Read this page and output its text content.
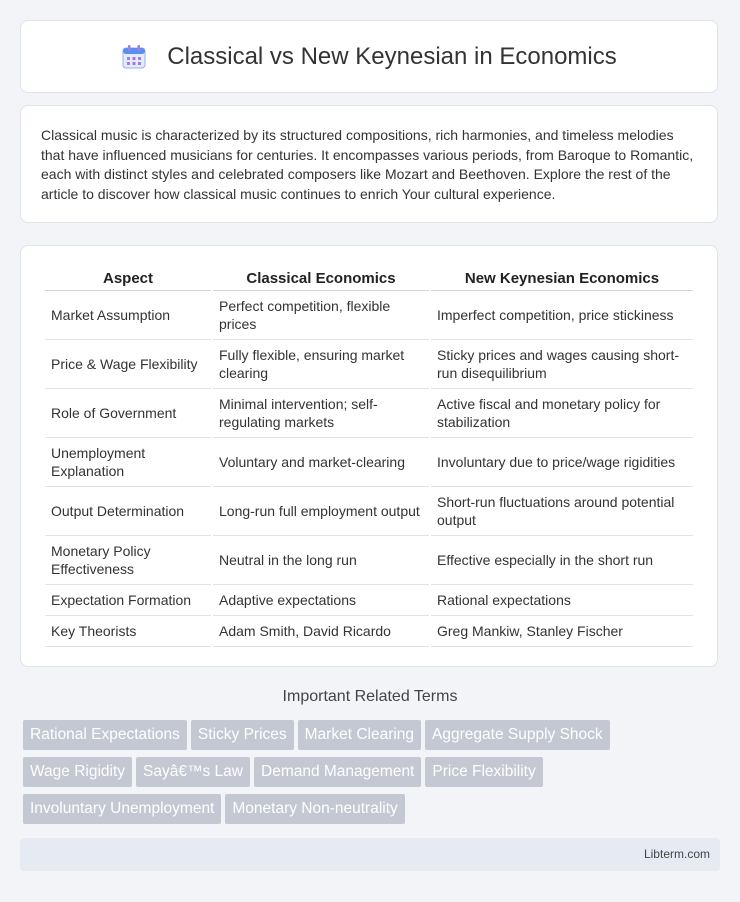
Classical vs New Keynesian in Economics

Classical music is characterized by its structured compositions, rich harmonies, and timeless melodies that have influenced musicians for centuries. It encompasses various periods, from Baroque to Romantic, each with distinct styles and celebrated composers like Mozart and Beethoven. Explore the rest of the article to discover how classical music continues to enrich Your cultural experience.

Aspect	Classical Economics	New Keynesian Economics
Market Assumption	Perfect competition, flexible prices	Imperfect competition, price stickiness
Price & Wage Flexibility	Fully flexible, ensuring market clearing	Sticky prices and wages causing short-run disequilibrium
Role of Government	Minimal intervention; self-regulating markets	Active fiscal and monetary policy for stabilization
Unemployment Explanation	Voluntary and market-clearing	Involuntary due to price/wage rigidities
Output Determination	Long-run full employment output	Short-run fluctuations around potential output
Monetary Policy Effectiveness	Neutral in the long run	Effective especially in the short run
Expectation Formation	Adaptive expectations	Rational expectations
Key Theorists	Adam Smith, David Ricardo	Greg Mankiw, Stanley Fischer
Important Related Terms
Rational Expectations Sticky Prices Market Clearing Aggregate Supply Shock
Wage Rigidity Sayâ€™s Law Demand Management Price Flexibility
Involuntary Unemployment Monetary Non-neutrality
Libterm.com
